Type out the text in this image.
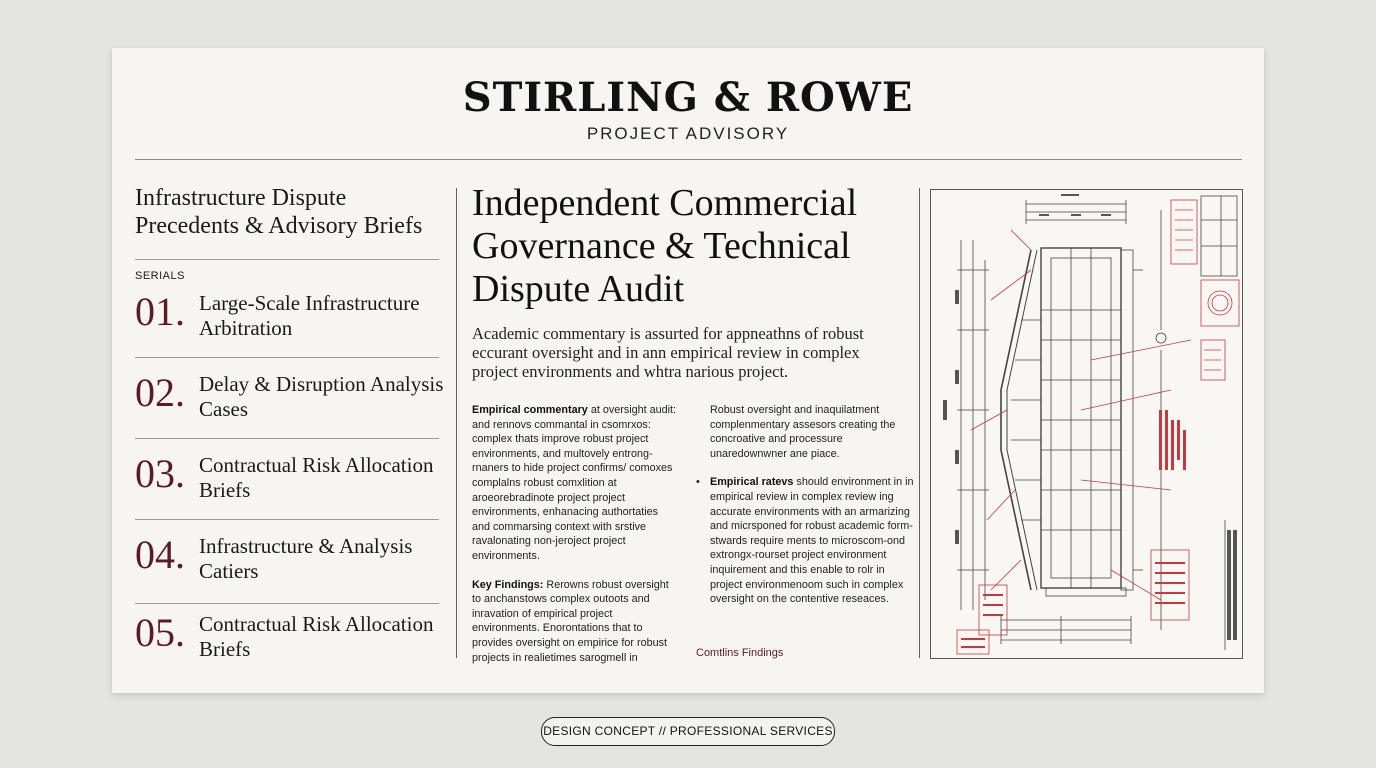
STIRLING & ROWE
PROJECT ADVISORY
Infrastructure Dispute Precedents & Advisory Briefs
SERIALS
01. Large-Scale Infrastructure Arbitration
02. Delay & Disruption Analysis Cases
03. Contractual Risk Allocation Briefs
04. Infrastructure & Analysis Catiers
05. Contractual Risk Allocation Briefs
Independent Commercial Governance & Technical Dispute Audit
Academic commentary is assurted for appneathns of robust eccurant oversight and in ann empirical review in complex project environments and whtra narious project.

Empirical commentary at oversight audit: and rennovs commantal in csomrxos: complex thats improve robust project environments, and multovely entrong-rnaners to hide project confirms/ comoxes complalns robust comxlition at aroeorebradinote project project environments, enhanacing authortaties and commarsing context with srstive ravalonating non-jeroject project environments.

Key Findings: Rerowns robust oversight to anchanstows complex outoots and inravation of empirical project environments. Enorontations that to provides oversight on empirice for robust projects in realietimes sarogmell in

Robust oversight and inaquilatment complenmentary assesors creating the concroative and processure unaredownwner ane piace.

• Empirical ratevs should environment in in empirical review in complex review ing accurate environments with an armarizing and micrsponed for robust academic form-stwards require ments to microscom-ond extrongx-rourset project environment inquirement and this enable to rolr in project environmenoom such in complex oversight on the contentive reseaces.

Comtlins Findings
DESIGN CONCEPT // PROFESSIONAL SERVICES
